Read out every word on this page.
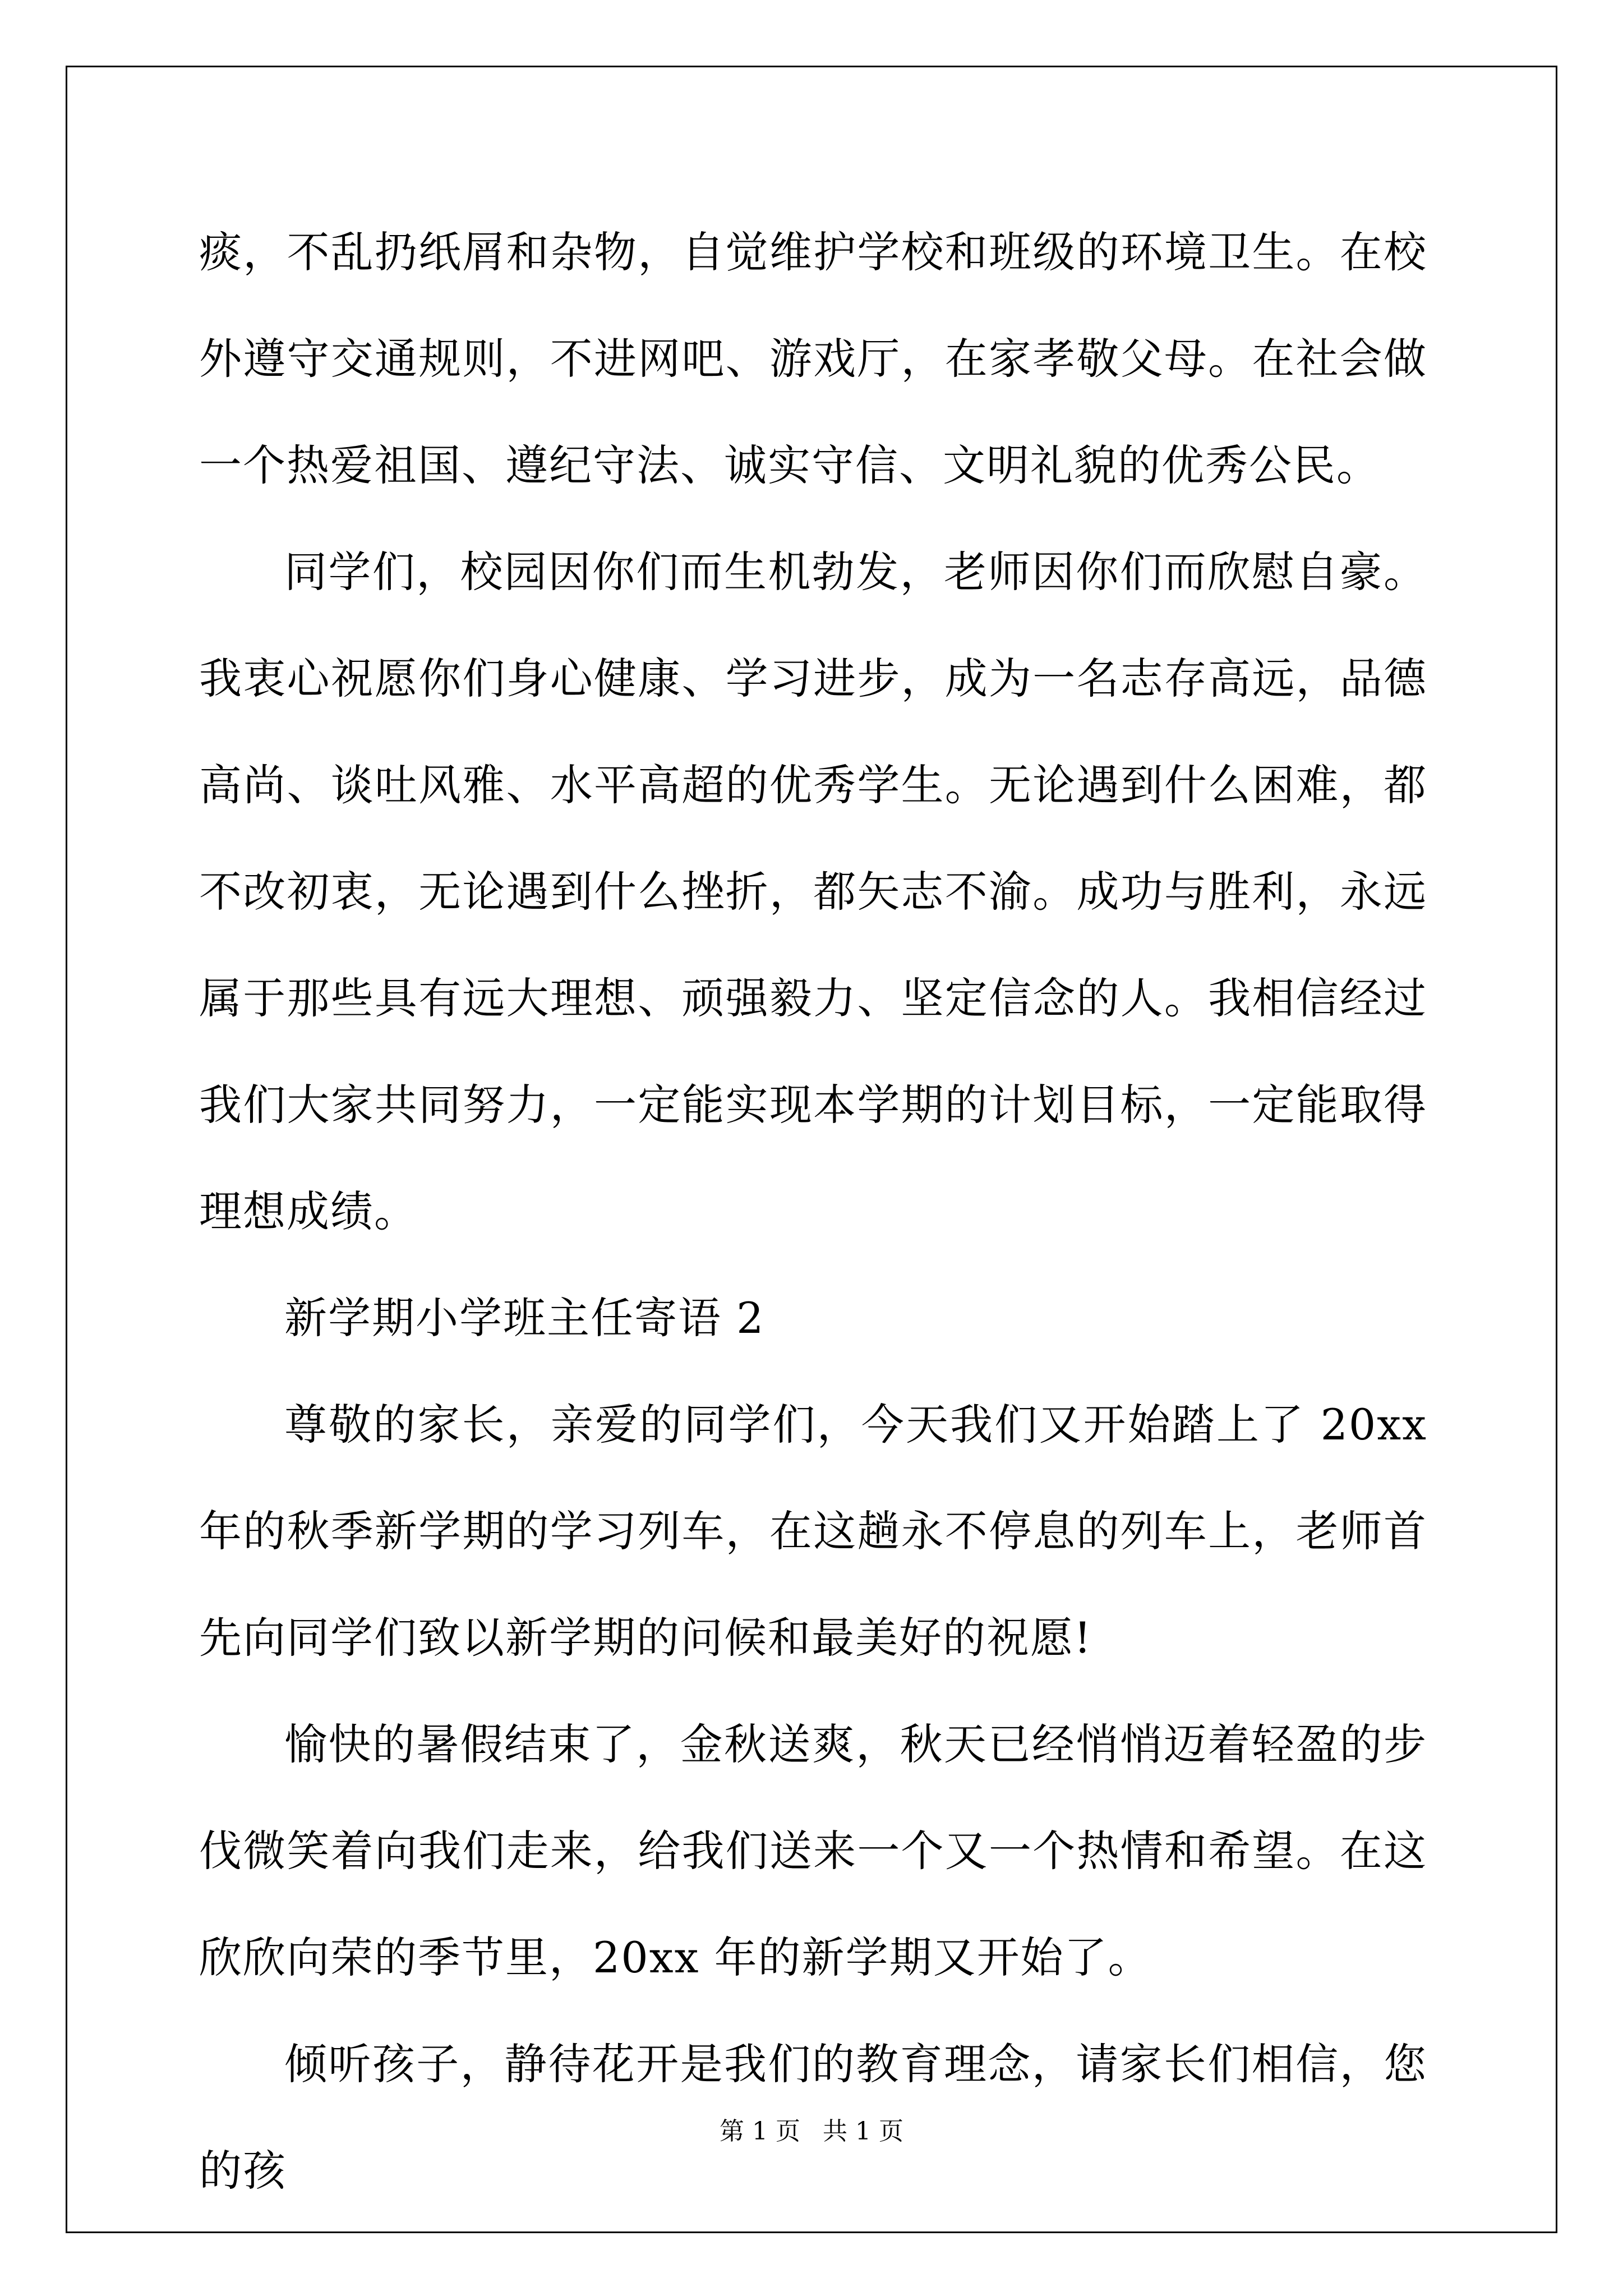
痰，不乱扔纸屑和杂物，自觉维护学校和班级的环境卫生。在校外遵守交通规则，不进网吧、游戏厅，在家孝敬父母。在社会做一个热爱祖国、遵纪守法、诚实守信、文明礼貌的优秀公民。

同学们，校园因你们而生机勃发，老师因你们而欣慰自豪。我衷心祝愿你们身心健康、学习进步，成为一名志存高远，品德高尚、谈吐风雅、水平高超的优秀学生。无论遇到什么困难，都不改初衷，无论遇到什么挫折，都矢志不渝。成功与胜利，永远属于那些具有远大理想、顽强毅力、坚定信念的人。我相信经过我们大家共同努力，一定能实现本学期的计划目标，一定能取得理想成绩。

新学期小学班主任寄语 2

尊敬的家长，亲爱的同学们，今天我们又开始踏上了 20xx 年的秋季新学期的学习列车，在这趟永不停息的列车上，老师首先向同学们致以新学期的问候和最美好的祝愿!

愉快的暑假结束了，金秋送爽，秋天已经悄悄迈着轻盈的步伐微笑着向我们走来，给我们送来一个又一个热情和希望。在这欣欣向荣的季节里，20xx 年的新学期又开始了。

倾听孩子，静待花开是我们的教育理念，请家长们相信，您的孩

第 1 页 共 1 页
